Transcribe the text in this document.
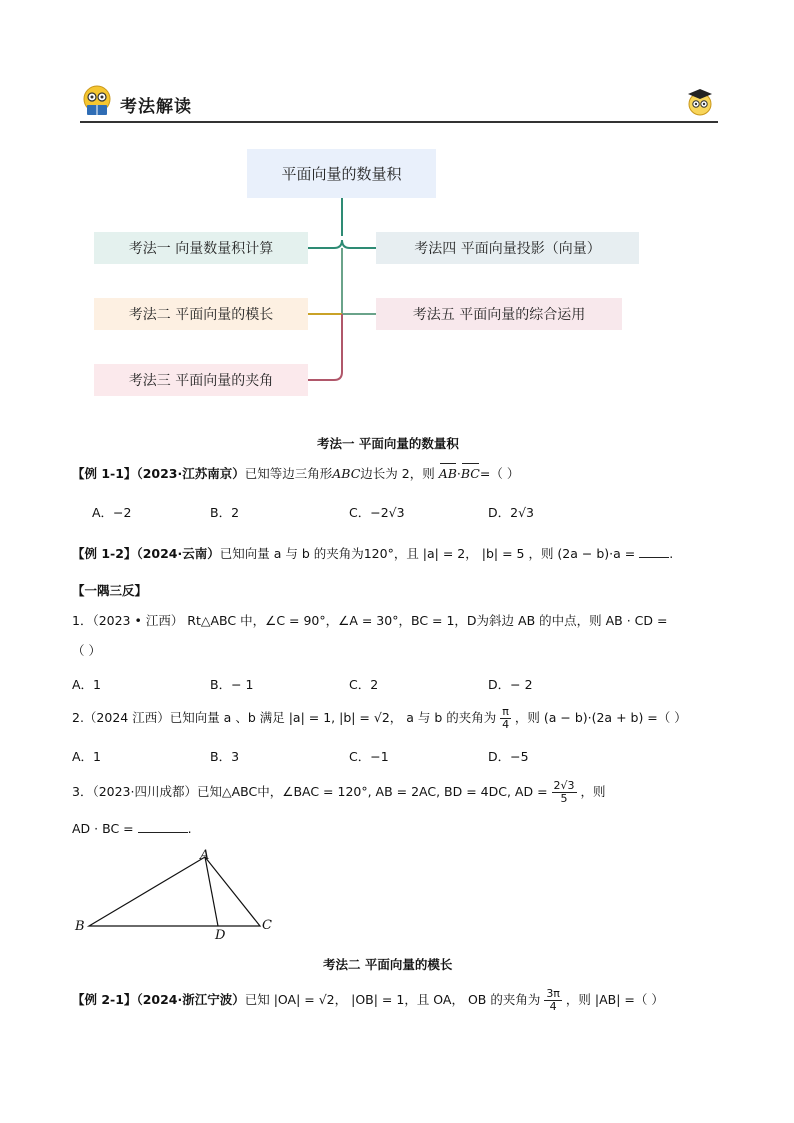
考法解读
平面向量的数量积
考法一 向量数量积计算
考法二 平面向量的模长
考法三 平面向量的夹角
考法四 平面向量投影（向量）
考法五 平面向量的综合运用
考法一 平面向量的数量积
【例 1-1】（2023·江苏南京）已知等边三角形ABC边长为 2，则 AB·BC=（ ）
A．−2	B．2	C．−2√3	D．2√3
【例 1-2】（2024·云南）已知向量 a 与 b 的夹角为120°，且 |a| = 2， |b| = 5 ，则 (2a − b)·a =	.
【一隅三反】
1．（2023 • 江西） Rt△ABC 中，∠C = 90°，∠A = 30°，BC = 1，D为斜边 AB 的中点，则 AB · CD =
（ ）
A．1	B．− 1	C．2	D．− 2
2.（2024 江西）已知向量 a 、b 满足 |a| = 1, |b| = √2， a 与 b 的夹角为 $\frac{\pi}{4}$ ，则 (a − b)·(2a + b) =（ ）
A．1	B．3	C．−1	D．−5
3．（2023·四川成都）已知△ABC中，∠BAC = 120°, AB = 2AC, BD = 4DC, AD = $\frac{2√3}{5}$ ，则
AD · BC =	.
A
B	C
D
考法二 平面向量的模长
【例 2-1】（2024·浙江宁波）已知 |OA| = √2， |OB| = 1，且 OA， OB 的夹角为 $\frac{3\pi}{4}$ ，则 |AB| =（ ）
